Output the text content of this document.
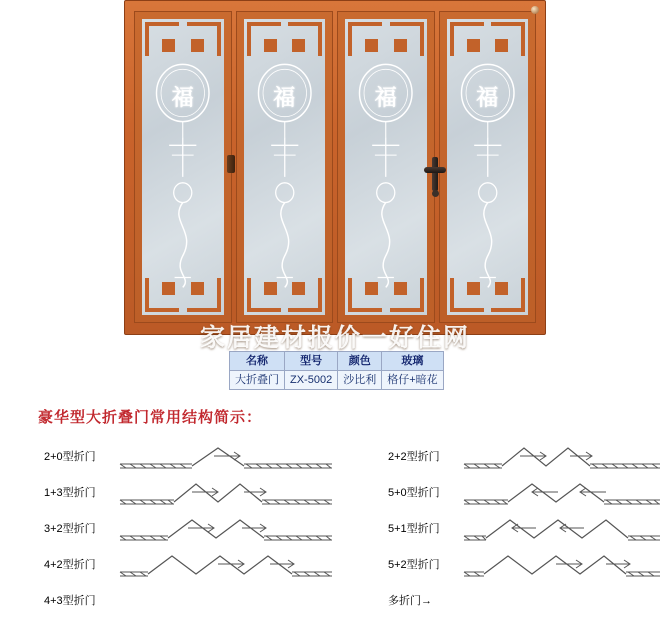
福	福	福	福
家居建材报价一好住网
名称	型号	颜色	玻璃
大折叠门	ZX-5002	沙比利	格仔+暗花
豪华型大折叠门常用结构简示：
2+0型折门
1+3型折门
3+2型折门
4+2型折门
4+3型折门
2+2型折门
5+0型折门
5+1型折门
5+2型折门
多折门→
